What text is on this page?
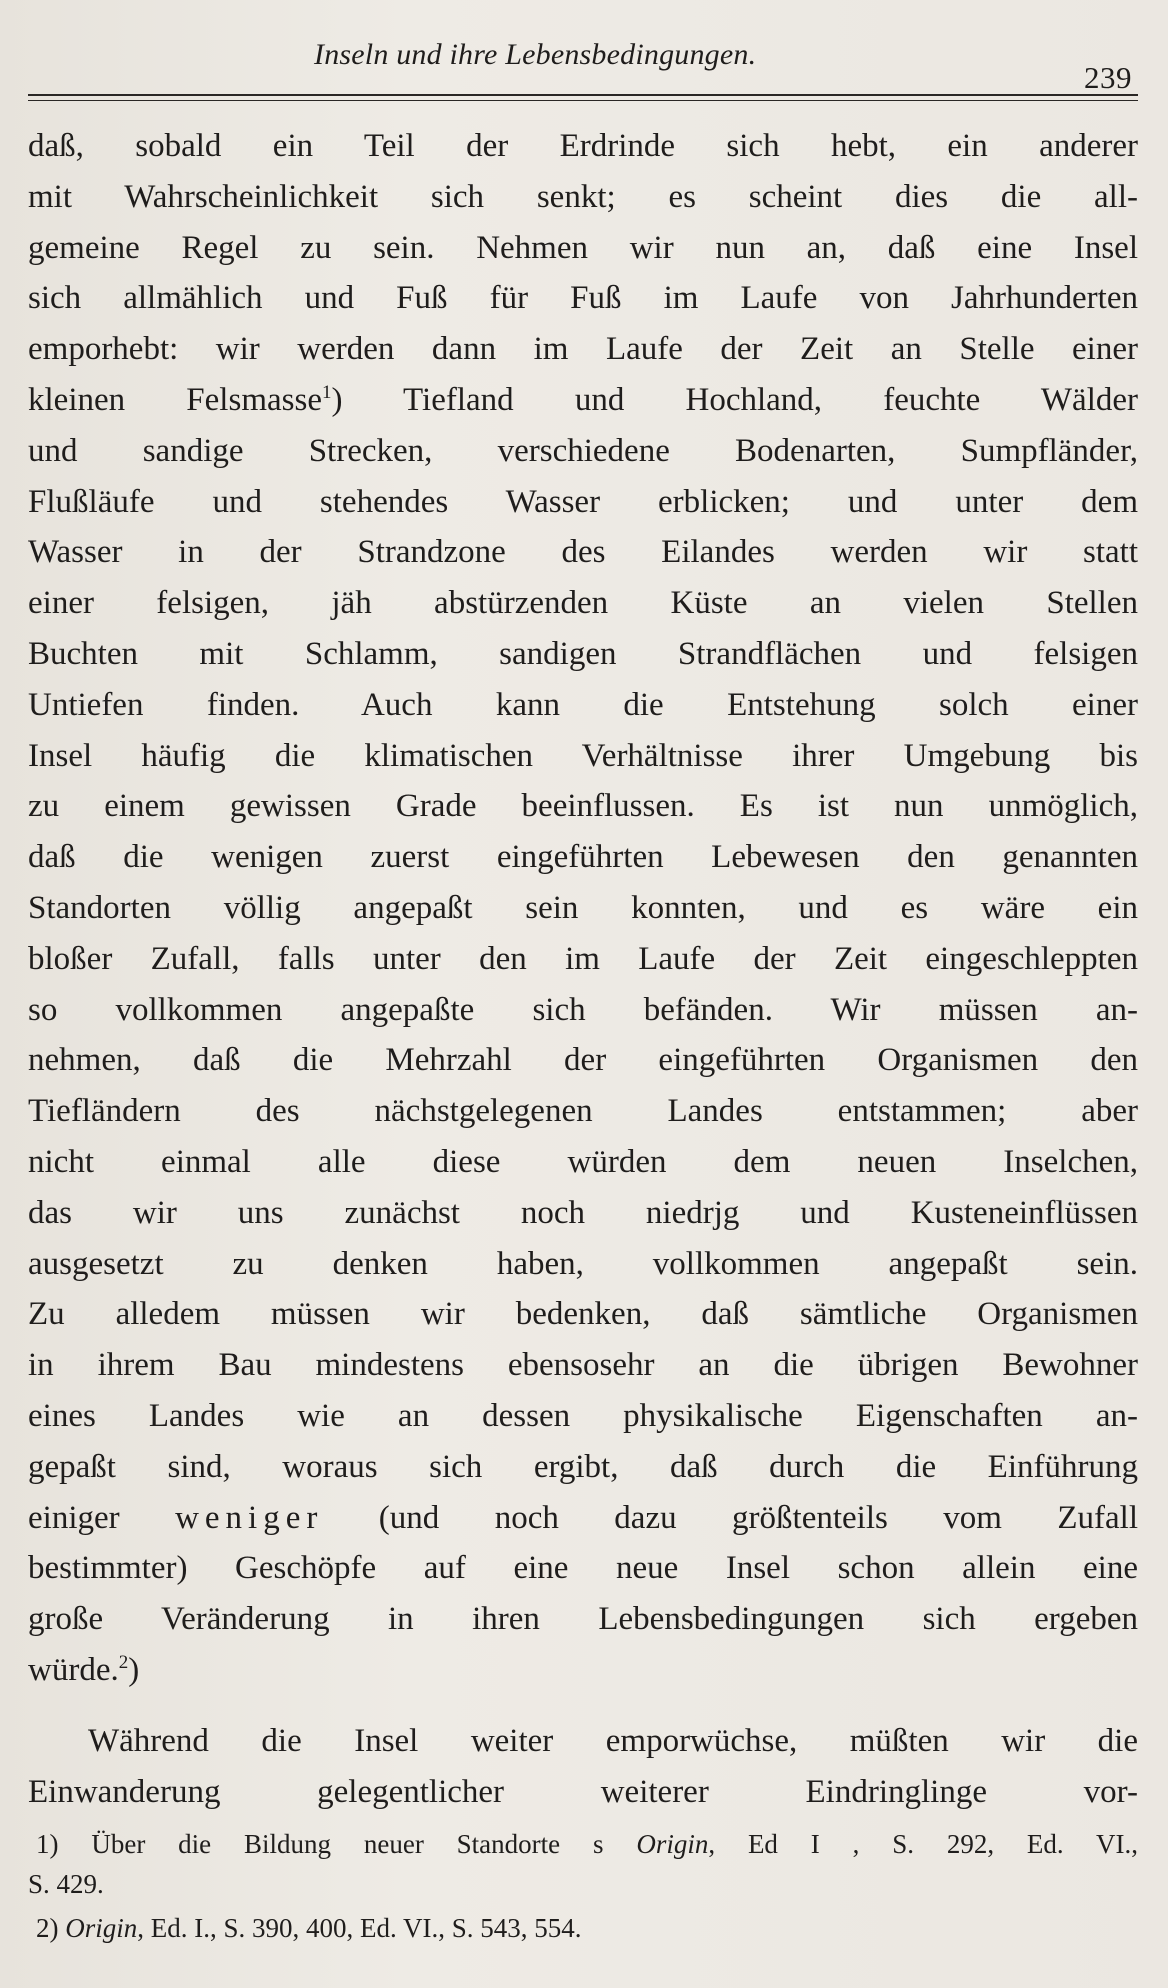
Inseln und ihre Lebensbedingungen.
239
daß, sobald ein Teil der Erdrinde sich hebt, ein anderer
mit Wahrscheinlichkeit sich senkt; es scheint dies die all-
gemeine Regel zu sein. Nehmen wir nun an, daß eine Insel
sich allmählich und Fuß für Fuß im Laufe von Jahrhunderten
emporhebt: wir werden dann im Laufe der Zeit an Stelle einer
kleinen Felsmasse$^1$) Tiefland und Hochland, feuchte Wälder
und sandige Strecken, verschiedene Bodenarten, Sumpfländer,
Flußläufe und stehendes Wasser erblicken; und unter dem
Wasser in der Strandzone des Eilandes werden wir statt
einer felsigen, jäh abstürzenden Küste an vielen Stellen
Buchten mit Schlamm, sandigen Strandflächen und felsigen
Untiefen finden. Auch kann die Entstehung solch einer
Insel häufig die klimatischen Verhältnisse ihrer Umgebung bis
zu einem gewissen Grade beeinflussen. Es ist nun unmöglich,
daß die wenigen zuerst eingeführten Lebewesen den genannten
Standorten völlig angepaßt sein konnten, und es wäre ein
bloßer Zufall, falls unter den im Laufe der Zeit eingeschleppten
so vollkommen angepaßte sich befänden. Wir müssen an-
nehmen, daß die Mehrzahl der eingeführten Organismen den
Tiefländern des nächstgelegenen Landes entstammen; aber
nicht einmal alle diese würden dem neuen Inselchen,
das wir uns zunächst noch niedrjg und Kusteneinflüssen
ausgesetzt zu denken haben, vollkommen angepaßt sein.
Zu alledem müssen wir bedenken, daß sämtliche Organismen
in ihrem Bau mindestens ebensosehr an die übrigen Bewohner
eines Landes wie an dessen physikalische Eigenschaften an-
gepaßt sind, woraus sich ergibt, daß durch die Einführung
einiger weniger (und noch dazu größtenteils vom Zufall
bestimmter) Geschöpfe auf eine neue Insel schon allein eine
große Veränderung in ihren Lebensbedingungen sich ergeben
würde.$^2$)
Während die Insel weiter emporwüchse, müßten wir die
Einwanderung gelegentlicher weiterer Eindringlinge vor-
1) Über die Bildung neuer Standorte s Origin, Ed I , S. 292, Ed. VI.,
S. 429.
2) Origin, Ed. I., S. 390, 400, Ed. VI., S. 543, 554.
